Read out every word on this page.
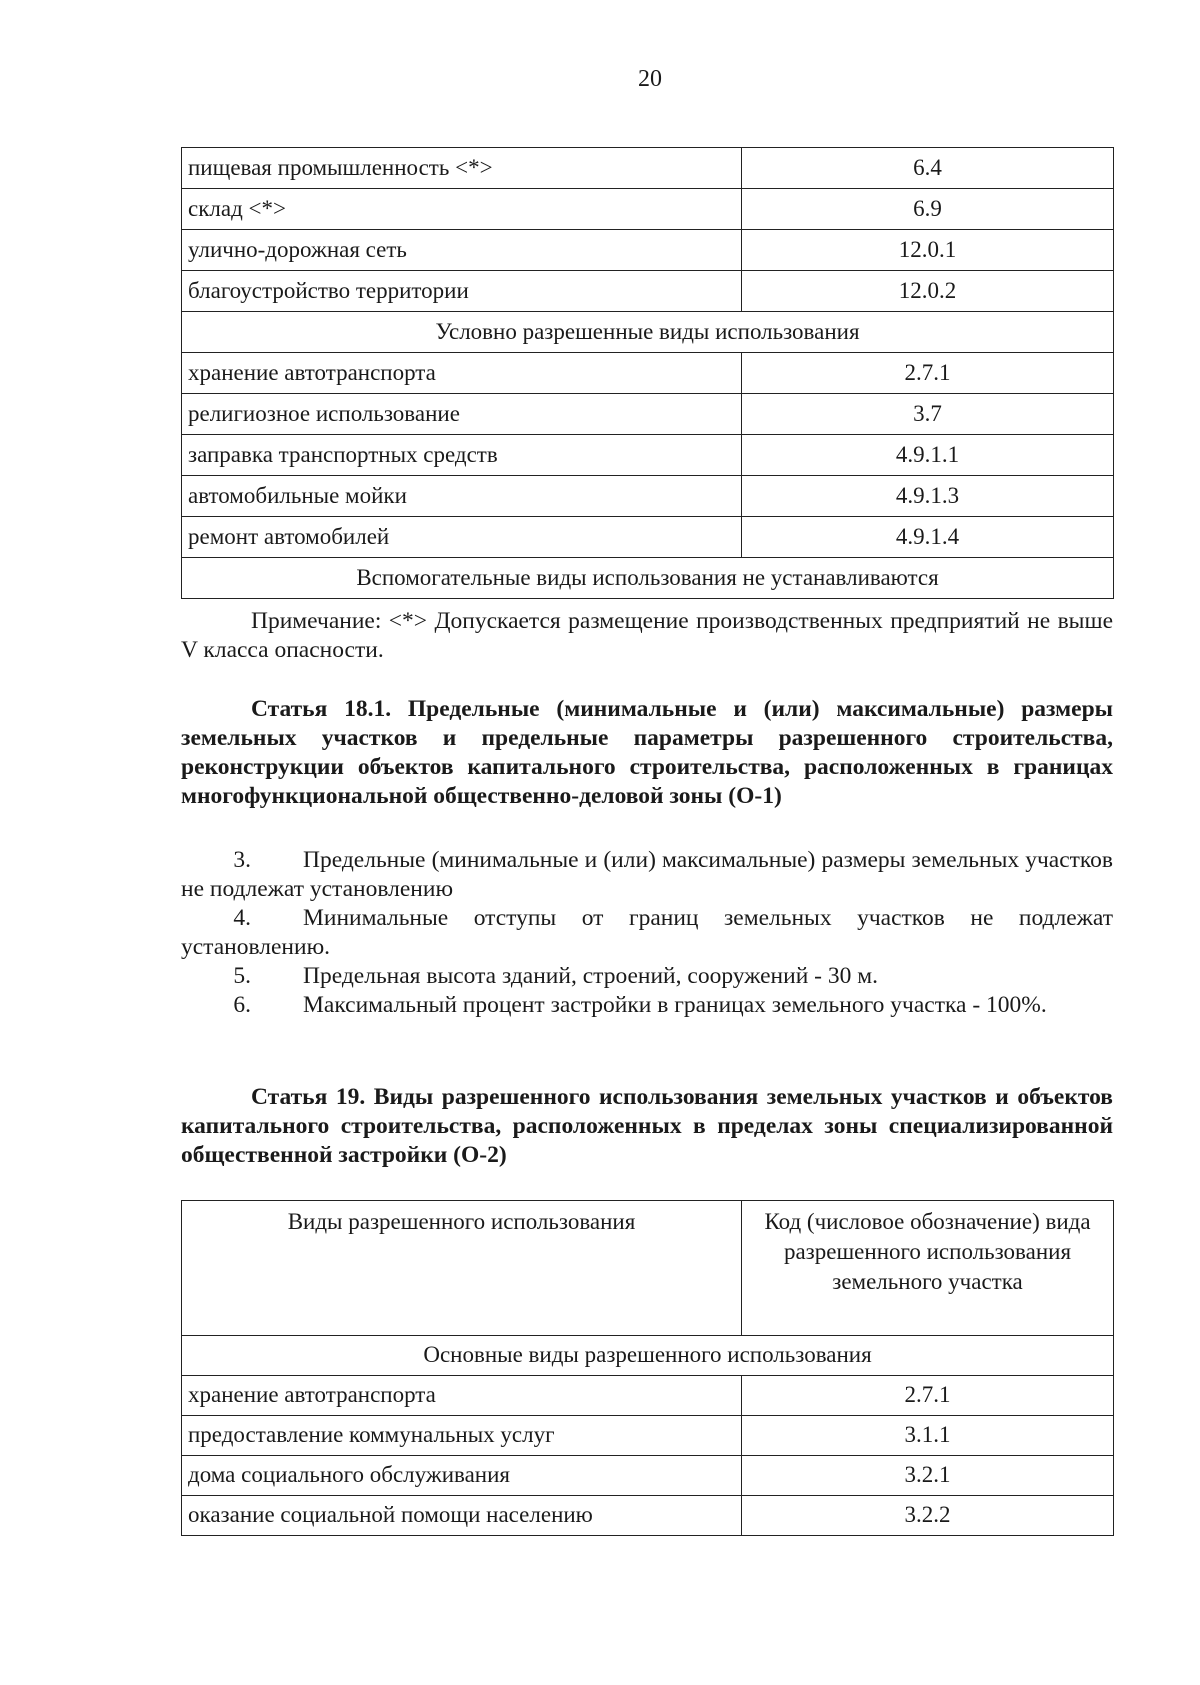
20
пищевая промышленность <*>	6.4
склад <*>	6.9
улично-дорожная сеть	12.0.1
благоустройство территории	12.0.2
Условно разрешенные виды использования	
хранение автотранспорта	2.7.1
религиозное использование	3.7
заправка транспортных средств	4.9.1.1
автомобильные мойки	4.9.1.3
ремонт автомобилей	4.9.1.4
Вспомогательные виды использования не устанавливаются	
Примечание: <*> Допускается размещение производственных предприятий не выше V класса опасности.
Статья 18.1. Предельные (минимальные и (или) максимальные) размеры земельных участков и предельные параметры разрешенного строительства, реконструкции объектов капитального строительства, расположенных в границах многофункциональной общественно-деловой зоны (О-1)
3. Предельные (минимальные и (или) максимальные) размеры земельных участков не подлежат установлению
4. Минимальные отступы от границ земельных участков не подлежат установлению.
5. Предельная высота зданий, строений, сооружений - 30 м.
6. Максимальный процент застройки в границах земельного участка - 100%.
Статья 19. Виды разрешенного использования земельных участков и объектов капитального строительства, расположенных в пределах зоны специализированной общественной застройки (О-2)
Виды разрешенного использования	Код (числовое обозначение) вида разрешенного использования земельного участка
Основные виды разрешенного использования	
хранение автотранспорта	2.7.1
предоставление коммунальных услуг	3.1.1
дома социального обслуживания	3.2.1
оказание социальной помощи населению	3.2.2
